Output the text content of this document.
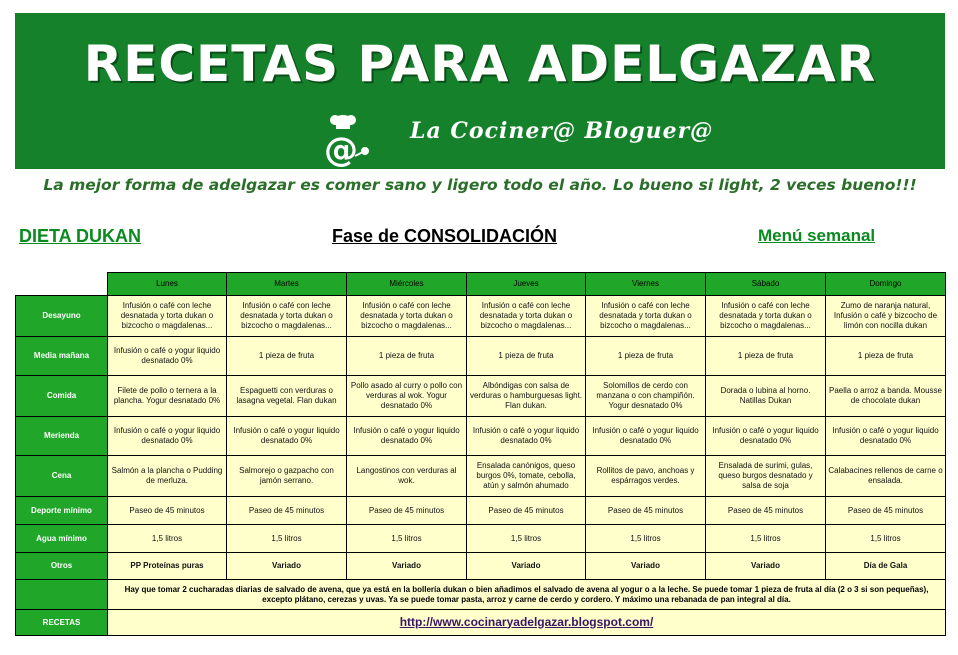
RECETAS PARA ADELGAZAR
@ La Cociner@ Bloguer@
La mejor forma de adelgazar es comer sano y ligero todo el año. Lo bueno si light, 2 veces bueno!!!
DIETA DUKAN	Fase de CONSOLIDACIÓN	Menú semanal
	Lunes	Martes	Miércoles	Jueves	Viernes	Sábado	Domingo
Desayuno	Infusión o café con leche desnatada y torta dukan o bizcocho o magdalenas...	Infusión o café con leche desnatada y torta dukan o bizcocho o magdalenas...	Infusión o café con leche desnatada y torta dukan o bizcocho o magdalenas...	Infusión o café con leche desnatada y torta dukan o bizcocho o magdalenas...	Infusión o café con leche desnatada y torta dukan o bizcocho o magdalenas...	Infusión o café con leche desnatada y torta dukan o bizcocho o magdalenas...	Zumo de naranja natural, Infusión o café y bizcocho de limón con nocilla dukan
Media mañana	Infusión o café o yogur liquido desnatado 0%	1 pieza de fruta	1 pieza de fruta	1 pieza de fruta	1 pieza de fruta	1 pieza de fruta	1 pieza de fruta
Comida	Filete de pollo o ternera a la plancha. Yogur desnatado 0%	Espaguetti con verduras o lasagna vegetal. Flan dukan	Pollo asado al curry o pollo con verduras al wok. Yogur desnatado 0%	Albóndigas con salsa de verduras o hamburguesas light. Flan dukan.	Solomillos de cerdo con manzana o con champiñón. Yogur desnatado 0%	Dorada o lubina al horno. Natillas Dukan	Paella o arroz a banda. Mousse de chocolate dukan
Merienda	Infusión o café o yogur liquido desnatado 0%	Infusión o café o yogur liquido desnatado 0%	Infusión o café o yogur liquido desnatado 0%	Infusión o café o yogur liquido desnatado 0%	Infusión o café o yogur liquido desnatado 0%	Infusión o café o yogur liquido desnatado 0%	Infusión o café o yogur liquido desnatado 0%
Cena	Salmón a la plancha o Pudding de merluza.	Salmorejo o gazpacho con jamón serrano.	Langostinos con verduras al wok.	Ensalada canónigos, queso burgos 0%, tomate, cebolla, atún y salmón ahumado	Rollitos de pavo, anchoas y espárragos verdes.	Ensalada de surimi, gulas, queso burgos desnatado y salsa de soja	Calabacines rellenos de carne o ensalada.
Deporte mínimo	Paseo de 45 minutos	Paseo de 45 minutos	Paseo de 45 minutos	Paseo de 45 minutos	Paseo de 45 minutos	Paseo de 45 minutos	Paseo de 45 minutos
Agua mínimo	1,5 litros	1,5 litros	1,5 litros	1,5 litros	1,5 litros	1,5 litros	1,5 litros
Otros	PP Proteínas puras	Variado	Variado	Variado	Variado	Variado	Día de Gala
	Hay que tomar 2 cucharadas diarias de salvado de avena, que ya está en la bollería dukan o bien añadimos el salvado de avena al yogur o a la leche. Se puede tomar 1 pieza de fruta al día (2 o 3 si son pequeñas), excepto plátano, cerezas y uvas. Ya se puede tomar pasta, arroz y carne de cerdo y cordero. Y máximo una rebanada de pan integral al día.						
RECETAS	http://www.cocinaryadelgazar.blogspot.com/						
